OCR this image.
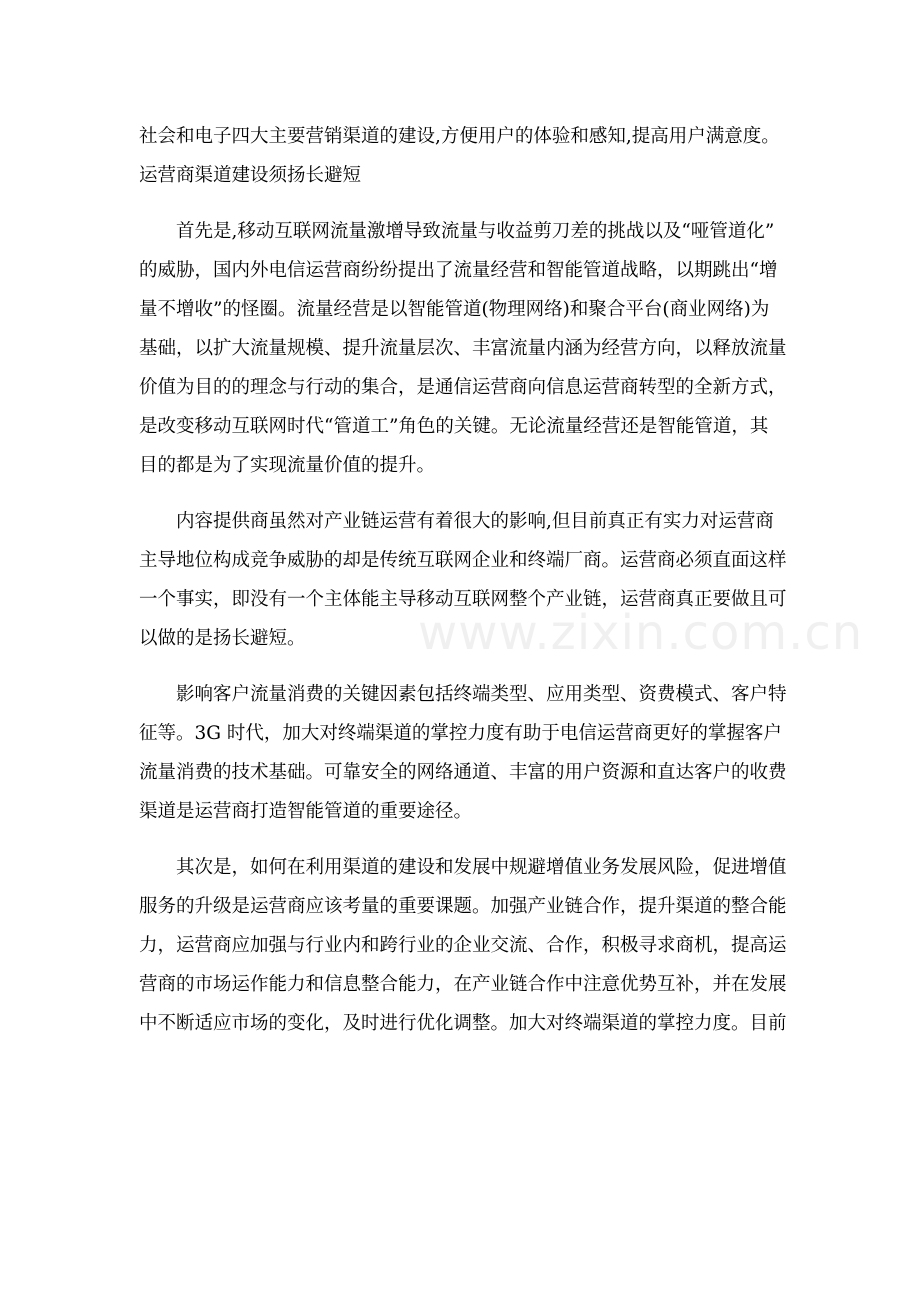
社会和电子四大主要营销渠道的建设,方便用户的体验和感知,提高用户满意度。
运营商渠道建设须扬长避短
首先是,移动互联网流量激增导致流量与收益剪刀差的挑战以及“哑管道化”
的威胁，国内外电信运营商纷纷提出了流量经营和智能管道战略，以期跳出“增
量不增收”的怪圈。流量经营是以智能管道(物理网络)和聚合平台(商业网络)为
基础，以扩大流量规模、提升流量层次、丰富流量内涵为经营方向，以释放流量
价值为目的的理念与行动的集合，是通信运营商向信息运营商转型的全新方式，
是改变移动互联网时代“管道工”角色的关键。无论流量经营还是智能管道，其
目的都是为了实现流量价值的提升。
内容提供商虽然对产业链运营有着很大的影响,但目前真正有实力对运营商
主导地位构成竞争威胁的却是传统互联网企业和终端厂商。运营商必须直面这样
一个事实，即没有一个主体能主导移动互联网整个产业链，运营商真正要做且可
以做的是扬长避短。
影响客户流量消费的关键因素包括终端类型、应用类型、资费模式、客户特
征等。3G 时代，加大对终端渠道的掌控力度有助于电信运营商更好的掌握客户
流量消费的技术基础。可靠安全的网络通道、丰富的用户资源和直达客户的收费
渠道是运营商打造智能管道的重要途径。
其次是，如何在利用渠道的建设和发展中规避增值业务发展风险，促进增值
服务的升级是运营商应该考量的重要课题。加强产业链合作，提升渠道的整合能
力，运营商应加强与行业内和跨行业的企业交流、合作，积极寻求商机，提高运
营商的市场运作能力和信息整合能力，在产业链合作中注意优势互补，并在发展
中不断适应市场的变化，及时进行优化调整。加大对终端渠道的掌控力度。目前
www.zixin.com.cn
